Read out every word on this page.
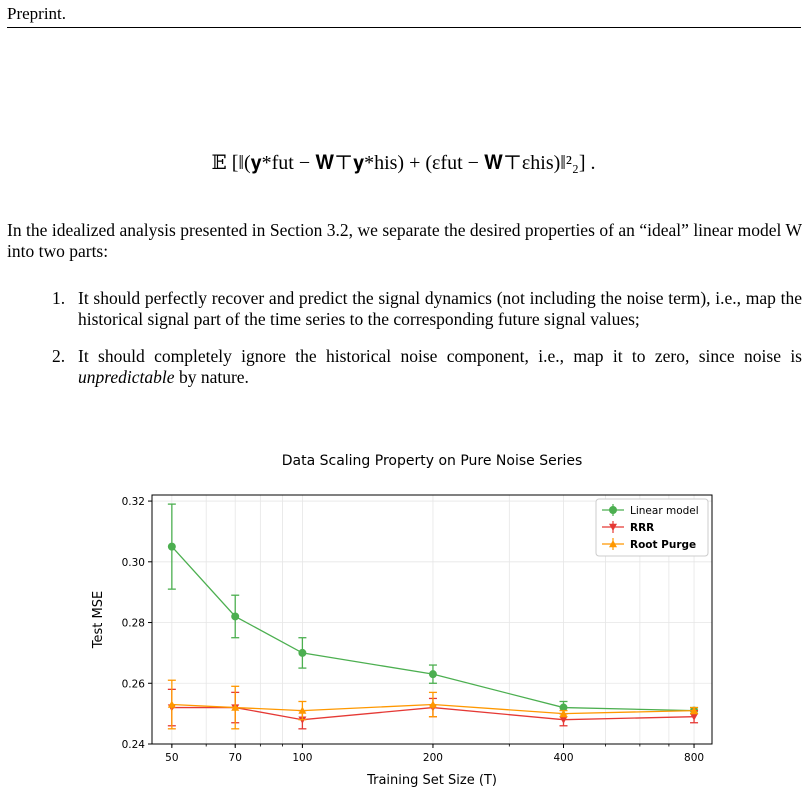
Preprint.
𝔼 [‖(𝐲*fut − 𝐖⊤𝐲*his) + (εfut − 𝐖⊤εhis)‖²₂] .
In the idealized analysis presented in Section 3.2, we separate the desired properties of an “ideal” linear model W into two parts:
1. It should perfectly recover and predict the signal dynamics (not including the noise term), i.e., map the historical signal part of the time series to the corresponding future signal values;
2. It should completely ignore the historical noise component, i.e., map it to zero, since noise is unpredictable by nature.
Data Scaling Property on Pure Noise Series
0.24
0.26
0.28
0.30
0.32
50	70	100	200	400	800
Training Set Size (T)
Test MSE
Linear model
RRR
Root Purge
